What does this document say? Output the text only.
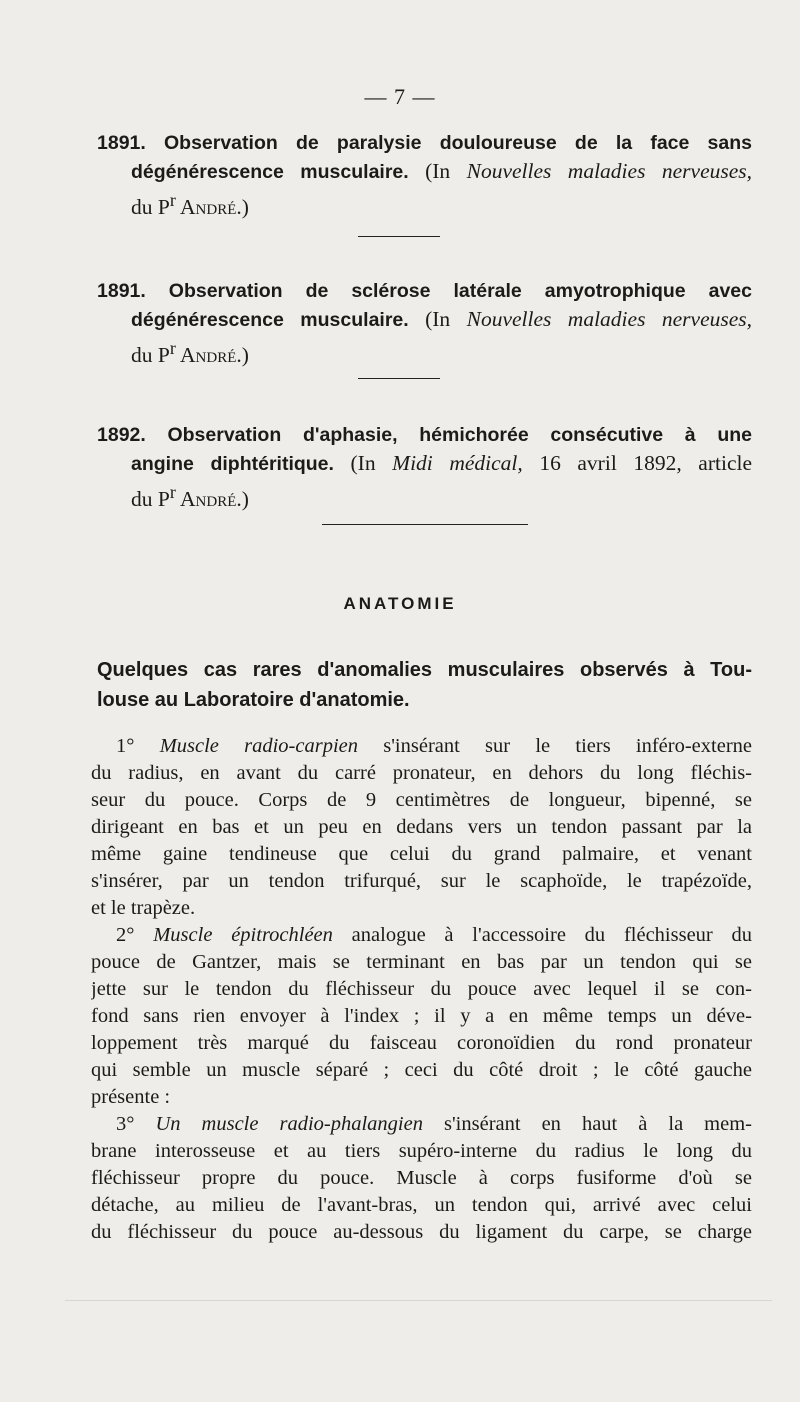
— 7 —

1891. Observation de paralysie douloureuse de la face sans

dégénérescence musculaire. (In Nouvelles maladies nerveuses,

du $P^r$ André.)

1891. Observation de sclérose latérale amyotrophique avec

dégénérescence musculaire. (In Nouvelles maladies nerveuses,

du $P^r$ André.)

1892. Observation d'aphasie, hémichorée consécutive à une

angine diphtéritique. (In Midi médical, 16 avril 1892, article

du $P^r$ André.)

ANATOMIE

Quelques cas rares d'anomalies musculaires observés à Tou-

louse au Laboratoire d'anatomie.

1° Muscle radio-carpien s'insérant sur le tiers inféro-externe

du radius, en avant du carré pronateur, en dehors du long fléchis-

seur du pouce. Corps de 9 centimètres de longueur, bipenné, se

dirigeant en bas et un peu en dedans vers un tendon passant par la

même gaine tendineuse que celui du grand palmaire, et venant

s'insérer, par un tendon trifurqué, sur le scaphoïde, le trapézoïde,

et le trapèze.

2° Muscle épitrochléen analogue à l'accessoire du fléchisseur du

pouce de Gantzer, mais se terminant en bas par un tendon qui se

jette sur le tendon du fléchisseur du pouce avec lequel il se con-

fond sans rien envoyer à l'index ; il y a en même temps un déve-

loppement très marqué du faisceau coronoïdien du rond pronateur

qui semble un muscle séparé ; ceci du côté droit ; le côté gauche

présente :

3° Un muscle radio-phalangien s'insérant en haut à la mem-

brane interosseuse et au tiers supéro-interne du radius le long du

fléchisseur propre du pouce. Muscle à corps fusiforme d'où se

détache, au milieu de l'avant-bras, un tendon qui, arrivé avec celui

du fléchisseur du pouce au-dessous du ligament du carpe, se charge
